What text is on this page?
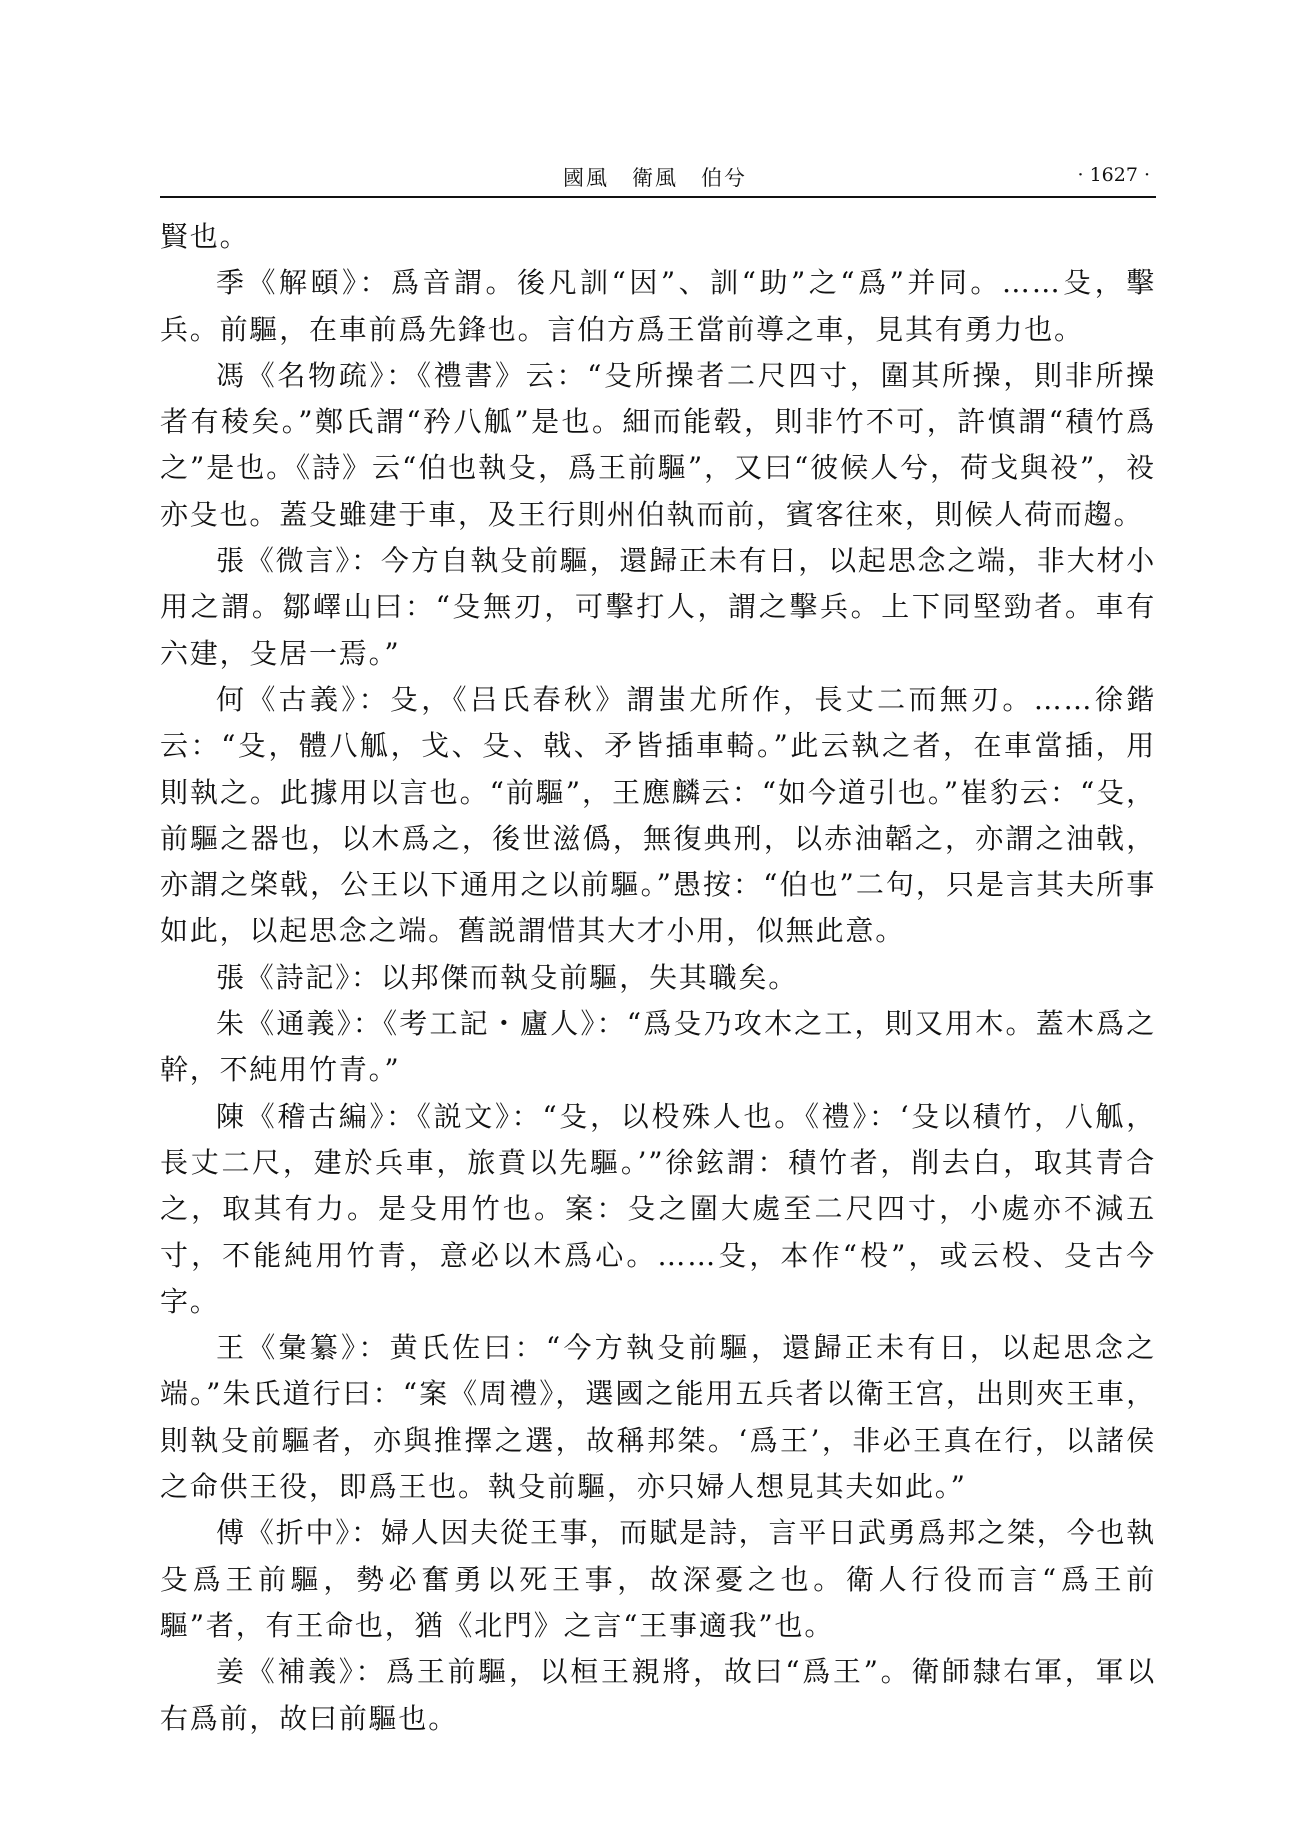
國風　衛風　伯兮	· 1627 ·

賢也。

季《解頤》：爲音謂。後凡訓“因”、訓“助”之“爲”并同。……殳，擊兵。前驅，在車前爲先鋒也。言伯方爲王當前導之車，見其有勇力也。

馮《名物疏》：《禮書》云：“殳所操者二尺四寸，圍其所操，則非所操者有稜矣。”鄭氏謂“矜八觚”是也。細而能毂，則非竹不可，許慎謂“積竹爲之”是也。《詩》云“伯也執殳，爲王前驅”，又曰“彼候人兮，荷戈與祋”，祋亦殳也。蓋殳雖建于車，及王行則州伯執而前，賓客往來，則候人荷而趨。

張《微言》：今方自執殳前驅，還歸正未有日，以起思念之端，非大材小用之謂。鄒嶧山曰：“殳無刃，可擊打人，謂之擊兵。上下同堅勁者。車有六建，殳居一焉。”

何《古義》：殳，《吕氏春秋》謂蚩尤所作，長丈二而無刃。……徐鍇云：“殳，體八觚，戈、殳、戟、矛皆插車輢。”此云執之者，在車當插，用則執之。此據用以言也。“前驅”，王應麟云：“如今道引也。”崔豹云：“殳，前驅之器也，以木爲之，後世滋僞，無復典刑，以赤油韜之，亦謂之油戟，亦謂之棨戟，公王以下通用之以前驅。”愚按：“伯也”二句，只是言其夫所事如此，以起思念之端。舊説謂惜其大才小用，似無此意。

張《詩記》：以邦傑而執殳前驅，失其職矣。

朱《通義》：《考工記・廬人》：“爲殳乃攻木之工，則又用木。蓋木爲之幹，不純用竹青。”

陳《稽古編》：《説文》：“殳，以杸殊人也。《禮》：‘殳以積竹，八觚，長丈二尺，建於兵車，旅賁以先驅。’”徐鉉謂：積竹者，削去白，取其青合之，取其有力。是殳用竹也。案：殳之圍大處至二尺四寸，小處亦不減五寸，不能純用竹青，意必以木爲心。……殳，本作“杸”，或云杸、殳古今字。

王《彙纂》：黄氏佐曰：“今方執殳前驅，還歸正未有日，以起思念之端。”朱氏道行曰：“案《周禮》，選國之能用五兵者以衛王宫，出則夾王車，則執殳前驅者，亦與推擇之選，故稱邦桀。‘爲王’，非必王真在行，以諸侯之命供王役，即爲王也。執殳前驅，亦只婦人想見其夫如此。”

傅《折中》：婦人因夫從王事，而賦是詩，言平日武勇爲邦之桀，今也執殳爲王前驅，勢必奮勇以死王事，故深憂之也。衛人行役而言“爲王前驅”者，有王命也，猶《北門》之言“王事適我”也。

姜《補義》：爲王前驅，以桓王親將，故曰“爲王”。衛師隸右軍，軍以右爲前，故曰前驅也。
